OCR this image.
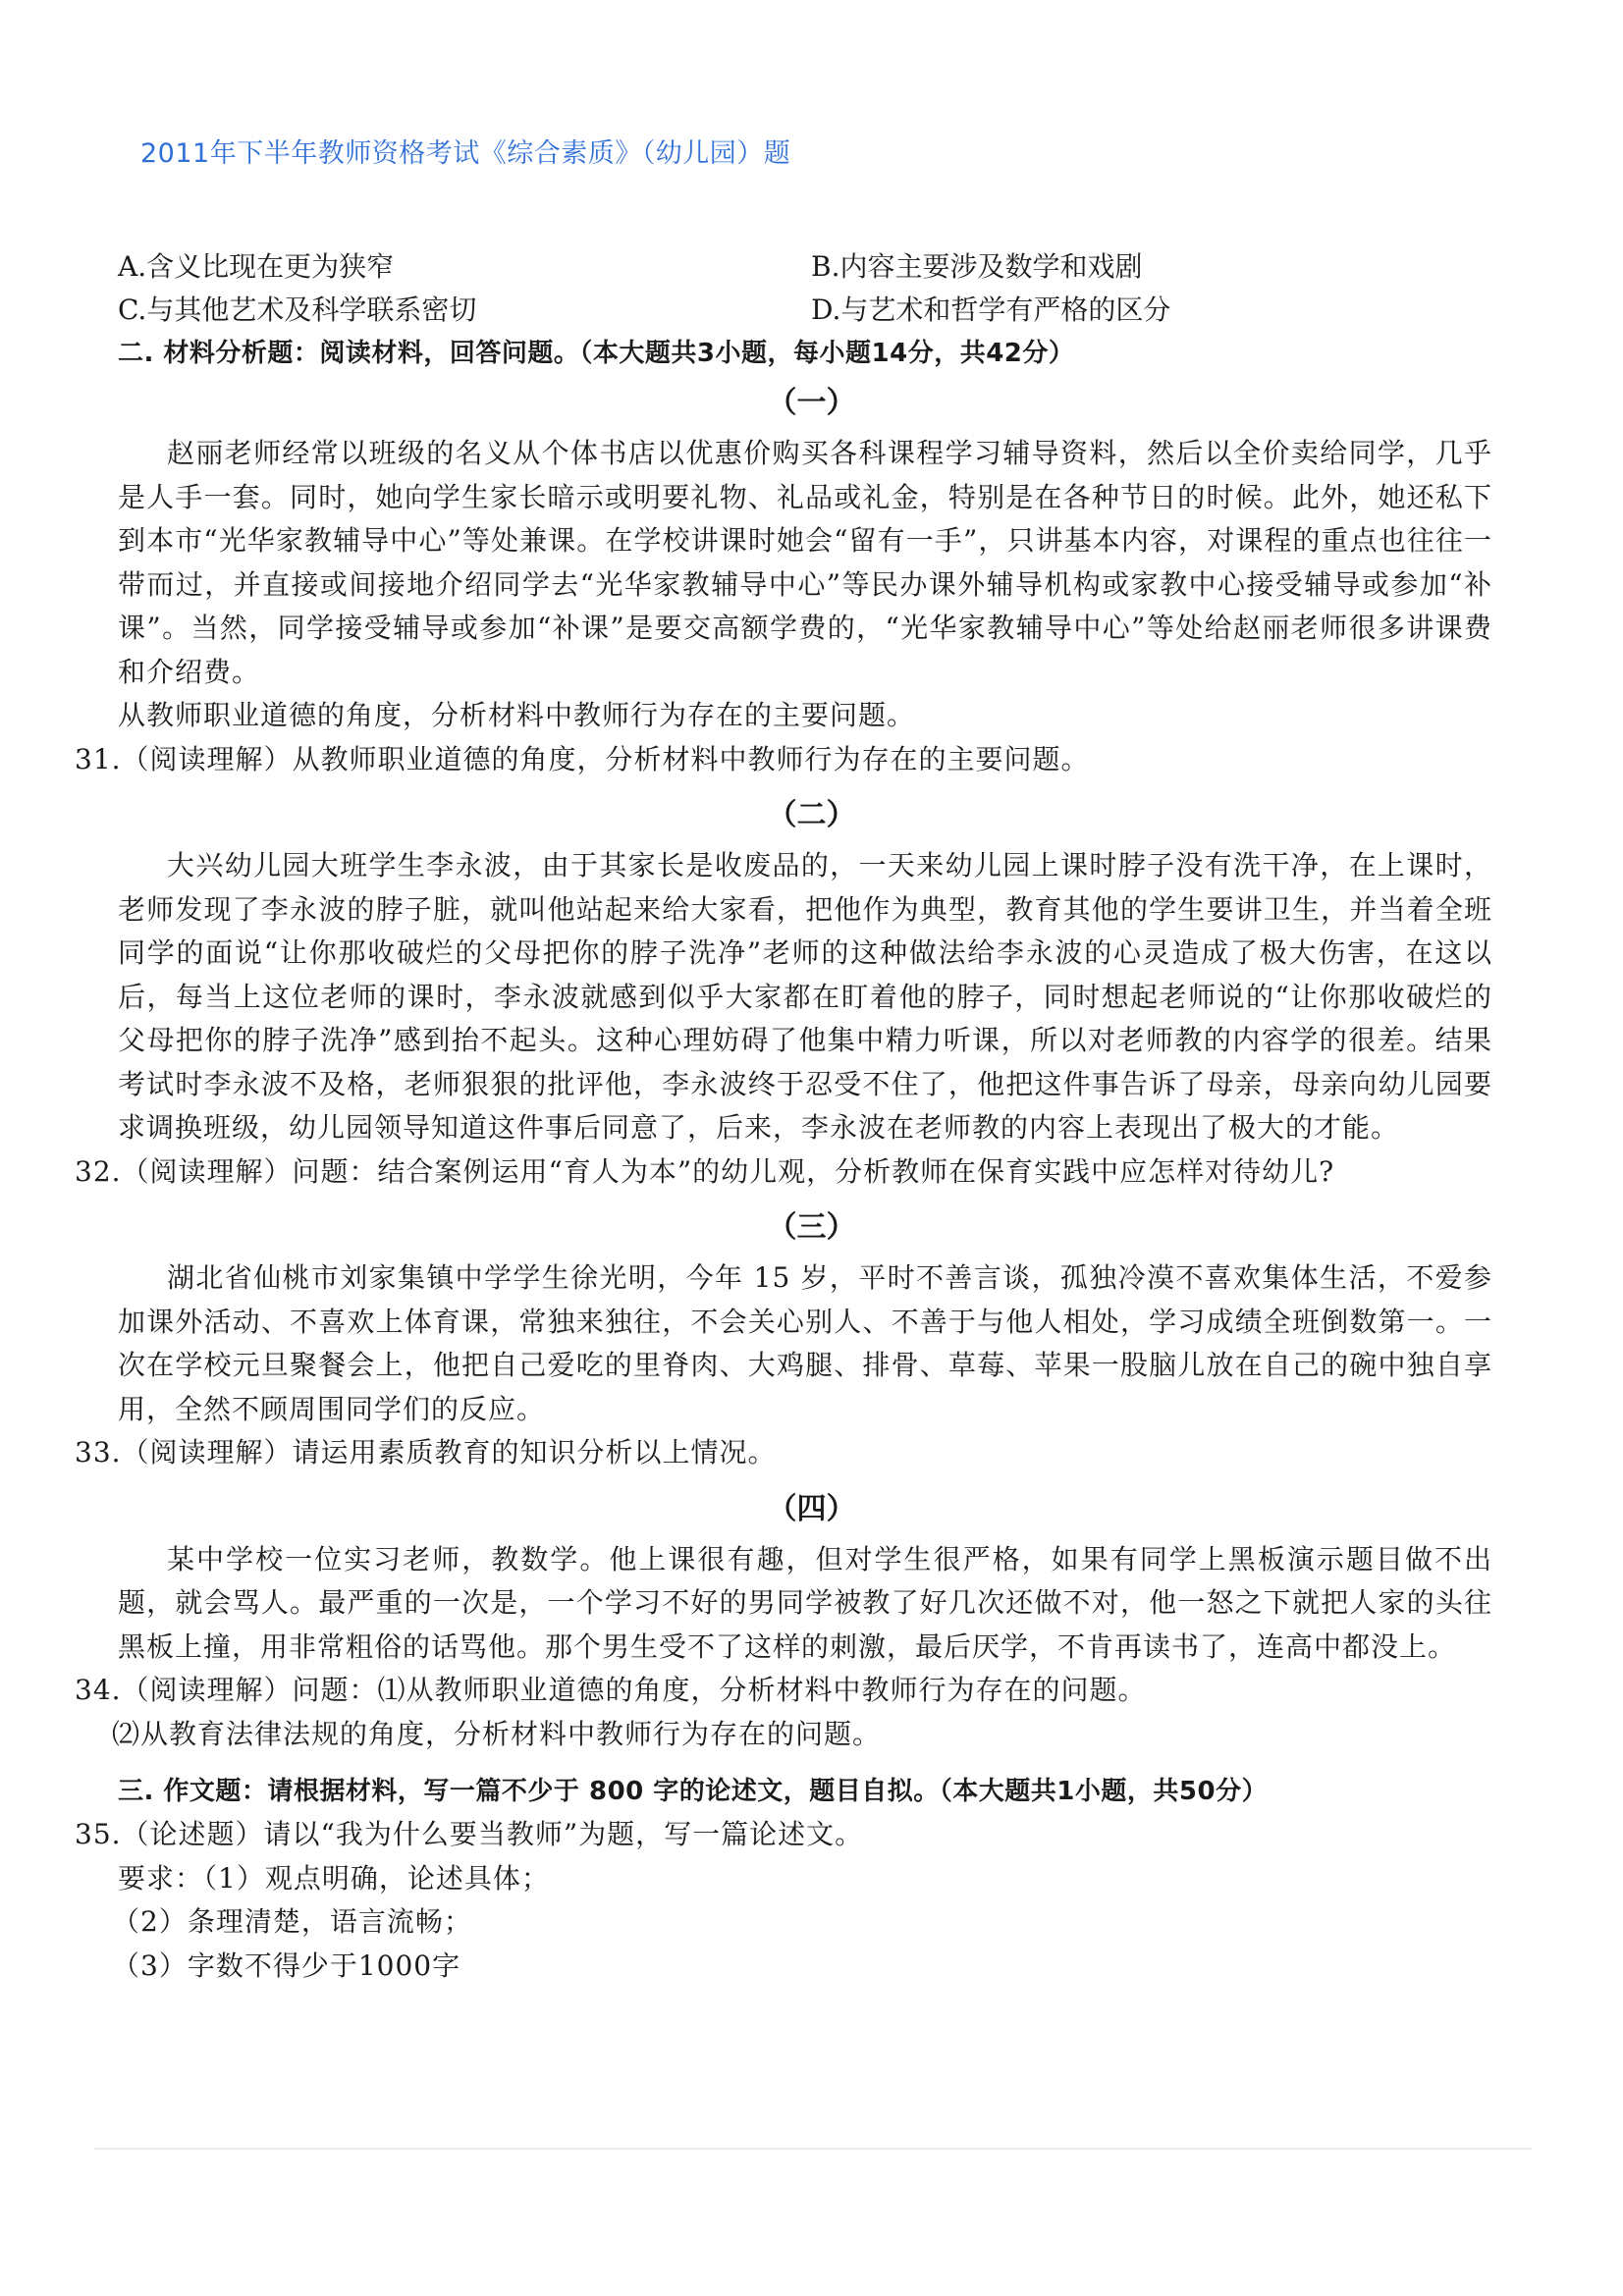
2011年下半年教师资格考试《综合素质》（幼儿园）题
A.含义比现在更为狭窄	B.内容主要涉及数学和戏剧
C.与其他艺术及科学联系密切	D.与艺术和哲学有严格的区分
二. 材料分析题：阅读材料，回答问题。（本大题共3小题，每小题14分，共42分）
（一）
赵丽老师经常以班级的名义从个体书店以优惠价购买各科课程学习辅导资料，然后以全价卖给同学，几乎是人手一套。同时，她向学生家长暗示或明要礼物、礼品或礼金，特别是在各种节日的时候。此外，她还私下到本市“光华家教辅导中心”等处兼课。在学校讲课时她会“留有一手”，只讲基本内容，对课程的重点也往往一带而过，并直接或间接地介绍同学去“光华家教辅导中心”等民办课外辅导机构或家教中心接受辅导或参加“补课”。当然，同学接受辅导或参加“补课”是要交高额学费的，“光华家教辅导中心”等处给赵丽老师很多讲课费和介绍费。
从教师职业道德的角度，分析材料中教师行为存在的主要问题。
31.（阅读理解）从教师职业道德的角度，分析材料中教师行为存在的主要问题。
（二）
大兴幼儿园大班学生李永波，由于其家长是收废品的，一天来幼儿园上课时脖子没有洗干净，在上课时，老师发现了李永波的脖子脏，就叫他站起来给大家看，把他作为典型，教育其他的学生要讲卫生，并当着全班同学的面说“让你那收破烂的父母把你的脖子洗净”老师的这种做法给李永波的心灵造成了极大伤害，在这以后，每当上这位老师的课时，李永波就感到似乎大家都在盯着他的脖子，同时想起老师说的“让你那收破烂的父母把你的脖子洗净”感到抬不起头。这种心理妨碍了他集中精力听课，所以对老师教的内容学的很差。结果考试时李永波不及格，老师狠狠的批评他，李永波终于忍受不住了，他把这件事告诉了母亲，母亲向幼儿园要求调换班级，幼儿园领导知道这件事后同意了，后来，李永波在老师教的内容上表现出了极大的才能。
32.（阅读理解）问题：结合案例运用“育人为本”的幼儿观，分析教师在保育实践中应怎样对待幼儿?
（三）
湖北省仙桃市刘家集镇中学学生徐光明，今年 15 岁，平时不善言谈，孤独冷漠不喜欢集体生活，不爱参加课外活动、不喜欢上体育课，常独来独往，不会关心别人、不善于与他人相处，学习成绩全班倒数第一。一次在学校元旦聚餐会上，他把自己爱吃的里脊肉、大鸡腿、排骨、草莓、苹果一股脑儿放在自己的碗中独自享用，全然不顾周围同学们的反应。
33.（阅读理解）请运用素质教育的知识分析以上情况。
（四）
某中学校一位实习老师，教数学。他上课很有趣，但对学生很严格，如果有同学上黑板演示题目做不出题，就会骂人。最严重的一次是，一个学习不好的男同学被教了好几次还做不对，他一怒之下就把人家的头往黑板上撞，用非常粗俗的话骂他。那个男生受不了这样的刺激，最后厌学，不肯再读书了，连高中都没上。
34.（阅读理解）问题：⑴从教师职业道德的角度，分析材料中教师行为存在的问题。
⑵从教育法律法规的角度，分析材料中教师行为存在的问题。
三. 作文题：请根据材料，写一篇不少于 800 字的论述文，题目自拟。（本大题共1小题，共50分）
35.（论述题）请以“我为什么要当教师”为题，写一篇论述文。
要求：（1）观点明确，论述具体；
（2）条理清楚，语言流畅；
（3）字数不得少于1000字
